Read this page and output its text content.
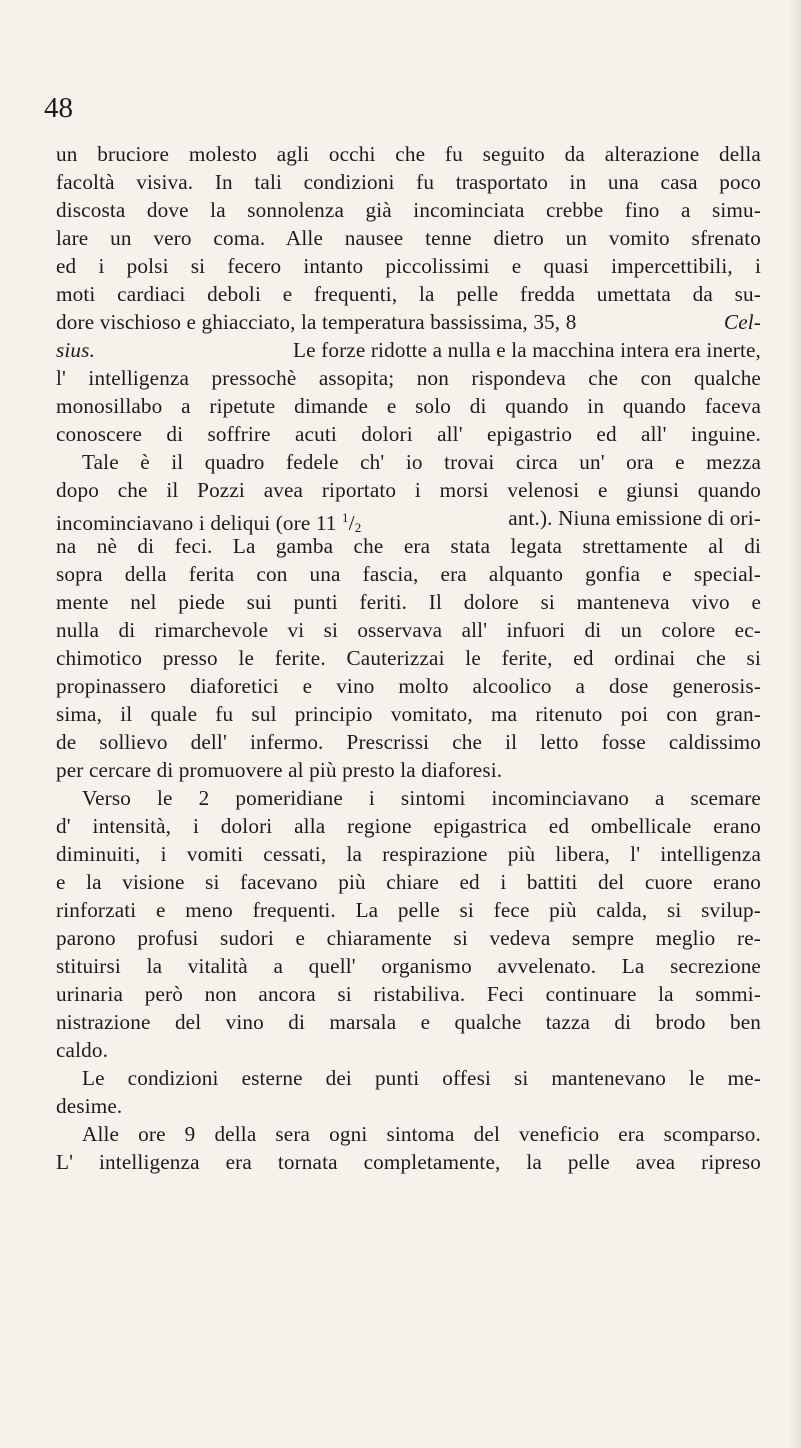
48
un bruciore molesto agli occhi che fu seguito da alterazione della
facoltà visiva. In tali condizioni fu trasportato in una casa poco
discosta dove la sonnolenza già incominciata crebbe fino a simu-
lare un vero coma. Alle nausee tenne dietro un vomito sfrenato
ed i polsi si fecero intanto piccolissimi e quasi impercettibili, i
moti cardiaci deboli e frequenti, la pelle fredda umettata da su-
dore vischioso e ghiacciato, la temperatura bassissima, 35, 8	Cel-
sius.	Le forze ridotte a nulla e la macchina intera era inerte,
l' intelligenza pressochè assopita; non rispondeva che con qualche
monosillabo a ripetute dimande e solo di quando in quando faceva
conoscere di soffrire acuti dolori all' epigastrio ed all' inguine.
Tale è il quadro fedele ch' io trovai circa un' ora e mezza
dopo che il Pozzi avea riportato i morsi velenosi e giunsi quando
incominciavano i deliqui (ore 11 $^1$/2	ant.). Niuna emissione di ori-
na nè di feci. La gamba che era stata legata strettamente al di
sopra della ferita con una fascia, era alquanto gonfia e special-
mente nel piede sui punti feriti. Il dolore si manteneva vivo e
nulla di rimarchevole vi si osservava all' infuori di un colore ec-
chimotico presso le ferite. Cauterizzai le ferite, ed ordinai che si
propinassero diaforetici e vino molto alcoolico a dose generosis-
sima, il quale fu sul principio vomitato, ma ritenuto poi con gran-
de sollievo dell' infermo. Prescrissi che il letto fosse caldissimo
per cercare di promuovere al più presto la diaforesi.
Verso le 2 pomeridiane i sintomi incominciavano a scemare
d' intensità, i dolori alla regione epigastrica ed ombellicale erano
diminuiti, i vomiti cessati, la respirazione più libera, l' intelligenza
e la visione si facevano più chiare ed i battiti del cuore erano
rinforzati e meno frequenti. La pelle si fece più calda, si svilup-
parono profusi sudori e chiaramente si vedeva sempre meglio re-
stituirsi la vitalità a quell' organismo avvelenato. La secrezione
urinaria però non ancora si ristabiliva. Feci continuare la sommi-
nistrazione del vino di marsala e qualche tazza di brodo ben
caldo.
Le condizioni esterne dei punti offesi si mantenevano le me-
desime.
Alle ore 9 della sera ogni sintoma del veneficio era scomparso.
L' intelligenza era tornata completamente, la pelle avea ripreso
